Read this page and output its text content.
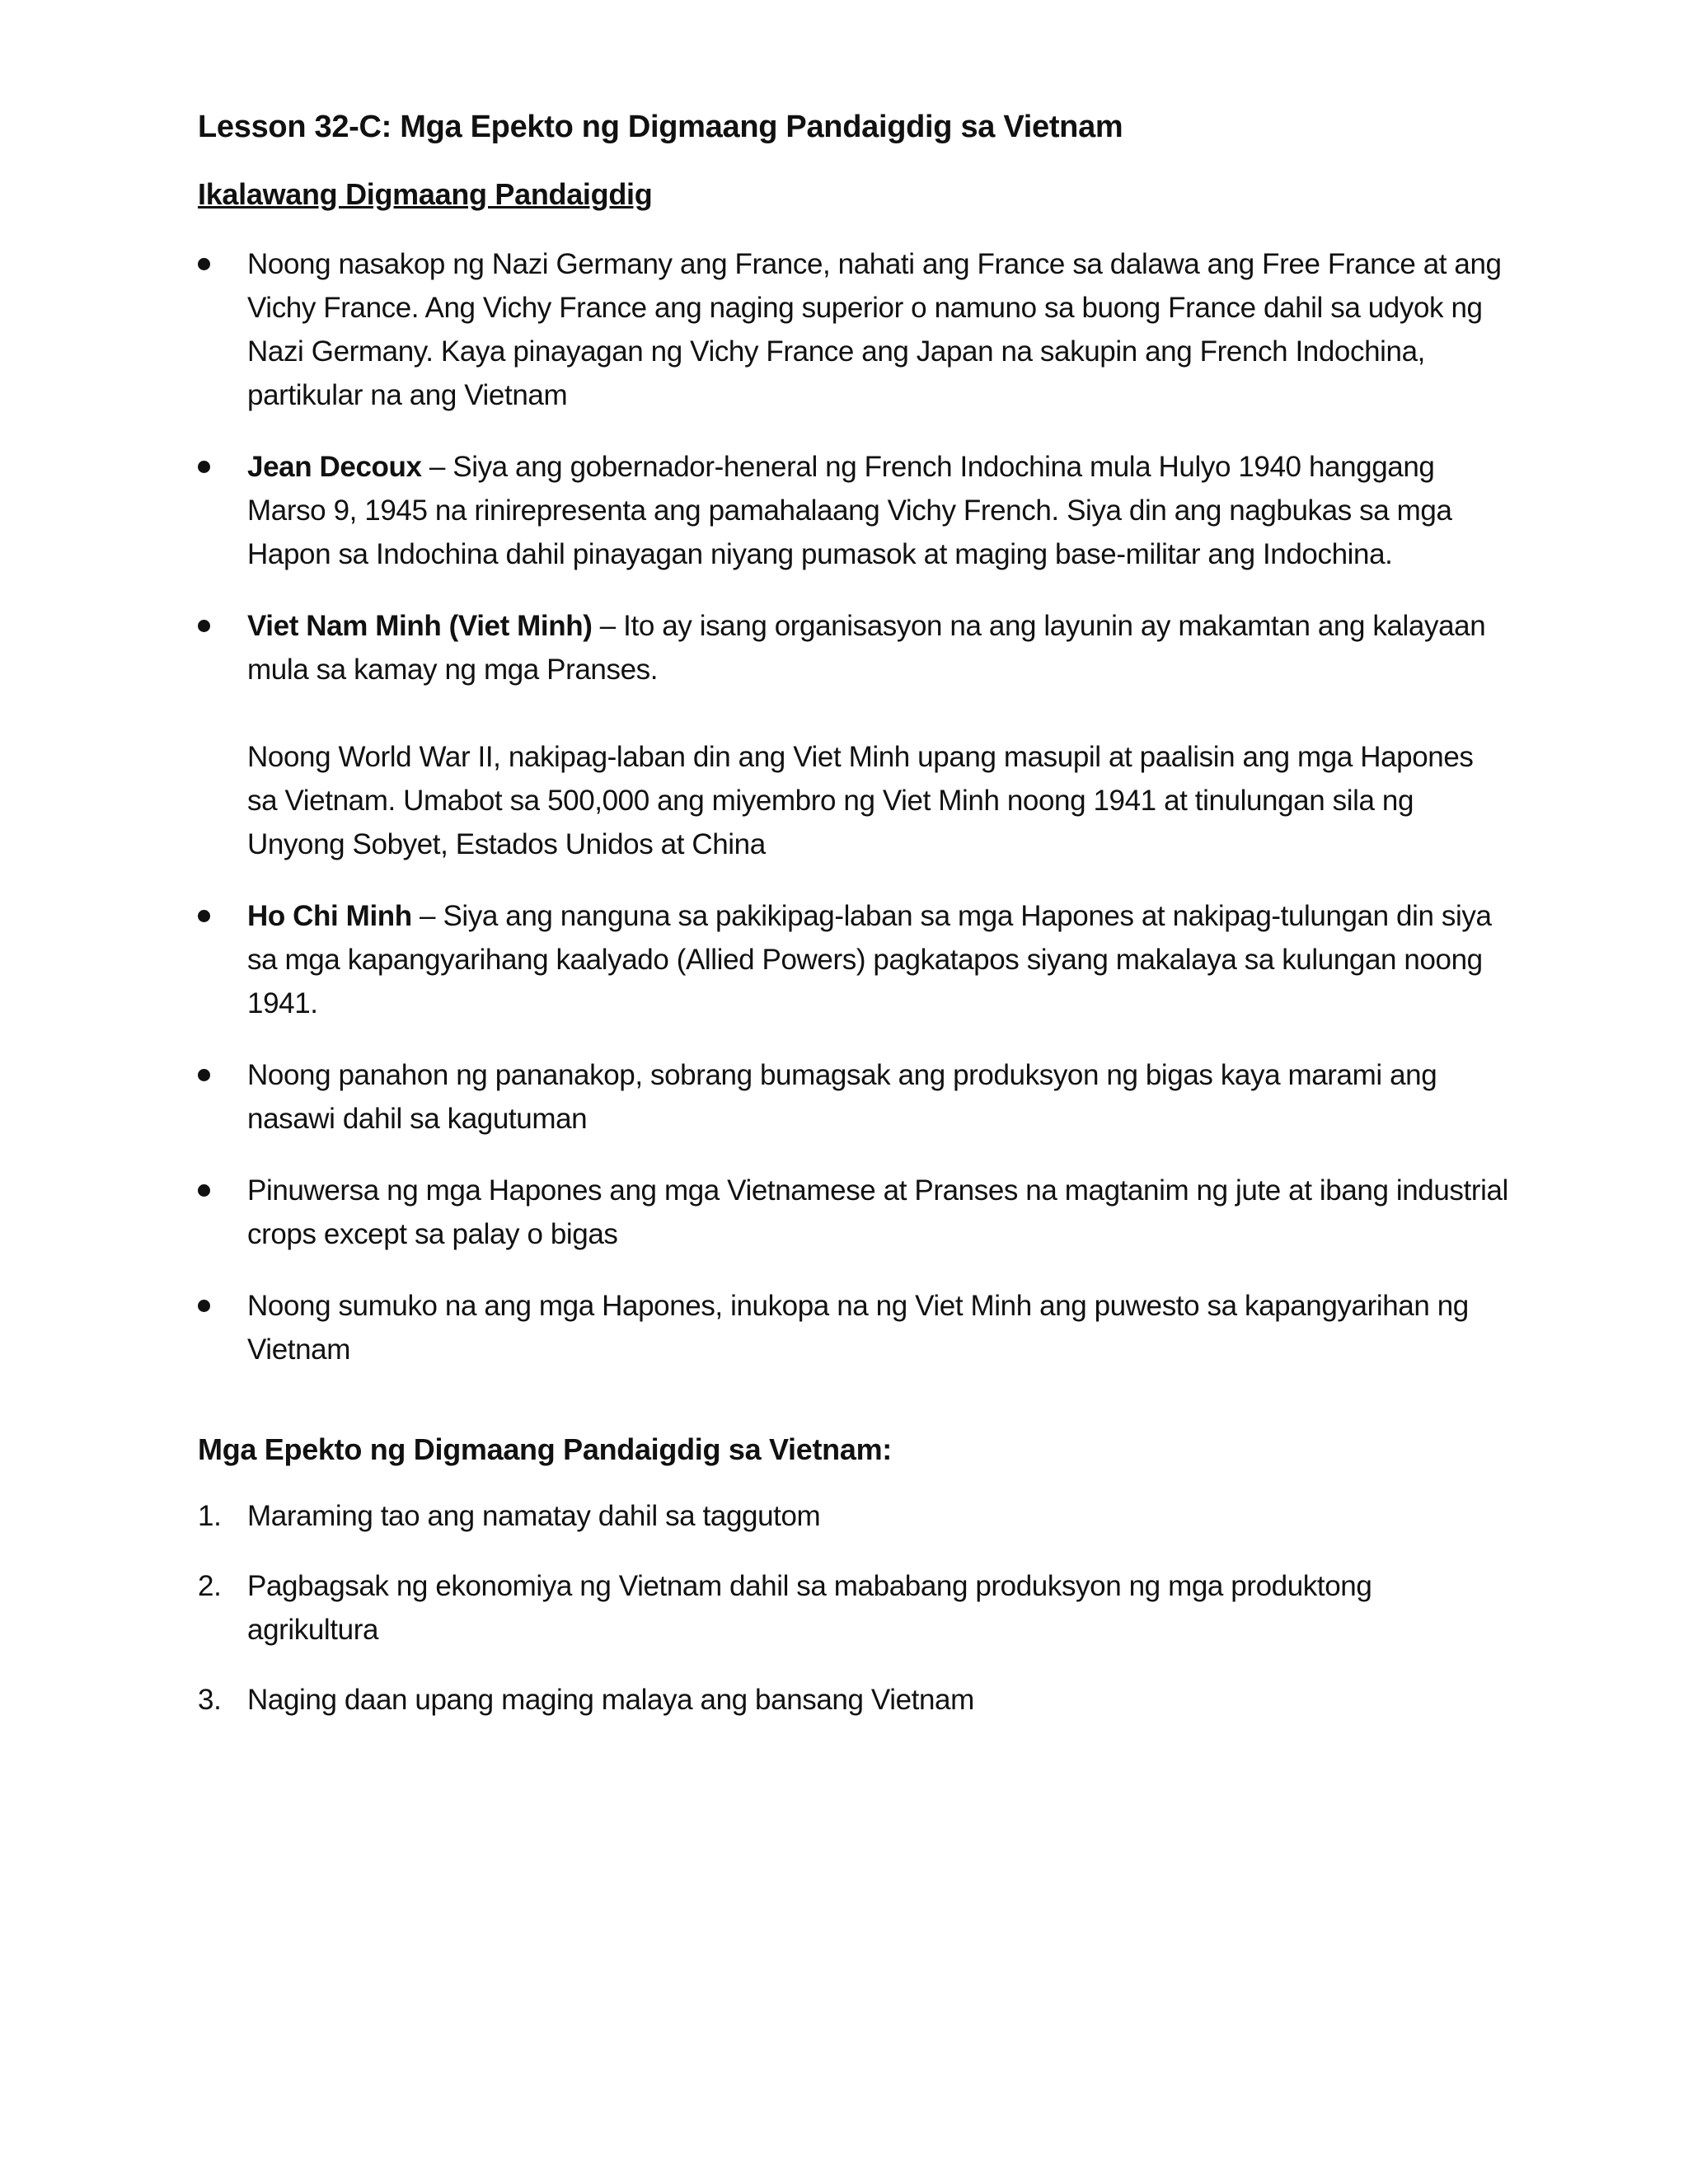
Lesson 32-C: Mga Epekto ng Digmaang Pandaigdig sa Vietnam
Ikalawang Digmaang Pandaigdig
Noong nasakop ng Nazi Germany ang France, nahati ang France sa dalawa ang Free France at ang Vichy France. Ang Vichy France ang naging superior o namuno sa buong France dahil sa udyok ng Nazi Germany. Kaya pinayagan ng Vichy France ang Japan na sakupin ang French Indochina, partikular na ang Vietnam
Jean Decoux – Siya ang gobernador-heneral ng French Indochina mula Hulyo 1940 hanggang Marso 9, 1945 na rinirepresenta ang pamahalaang Vichy French. Siya din ang nagbukas sa mga Hapon sa Indochina dahil pinayagan niyang pumasok at maging base-militar ang Indochina.
Viet Nam Minh (Viet Minh) – Ito ay isang organisasyon na ang layunin ay makamtan ang kalayaan mula sa kamay ng mga Pranses.
Noong World War II, nakipag-laban din ang Viet Minh upang masupil at paalisin ang mga Hapones sa Vietnam. Umabot sa 500,000 ang miyembro ng Viet Minh noong 1941 at tinulungan sila ng Unyong Sobyet, Estados Unidos at China
Ho Chi Minh – Siya ang nanguna sa pakikipag-laban sa mga Hapones at nakipag-tulungan din siya sa mga kapangyarihang kaalyado (Allied Powers) pagkatapos siyang makalaya sa kulungan noong 1941.
Noong panahon ng pananakop, sobrang bumagsak ang produksyon ng bigas kaya marami ang nasawi dahil sa kagutuman
Pinuwersa ng mga Hapones ang mga Vietnamese at Pranses na magtanim ng jute at ibang industrial crops except sa palay o bigas
Noong sumuko na ang mga Hapones, inukopa na ng Viet Minh ang puwesto sa kapangyarihan ng Vietnam
Mga Epekto ng Digmaang Pandaigdig sa Vietnam:
1. Maraming tao ang namatay dahil sa taggutom
2. Pagbagsak ng ekonomiya ng Vietnam dahil sa mababang produksyon ng mga produktong agrikultura
3. Naging daan upang maging malaya ang bansang Vietnam
